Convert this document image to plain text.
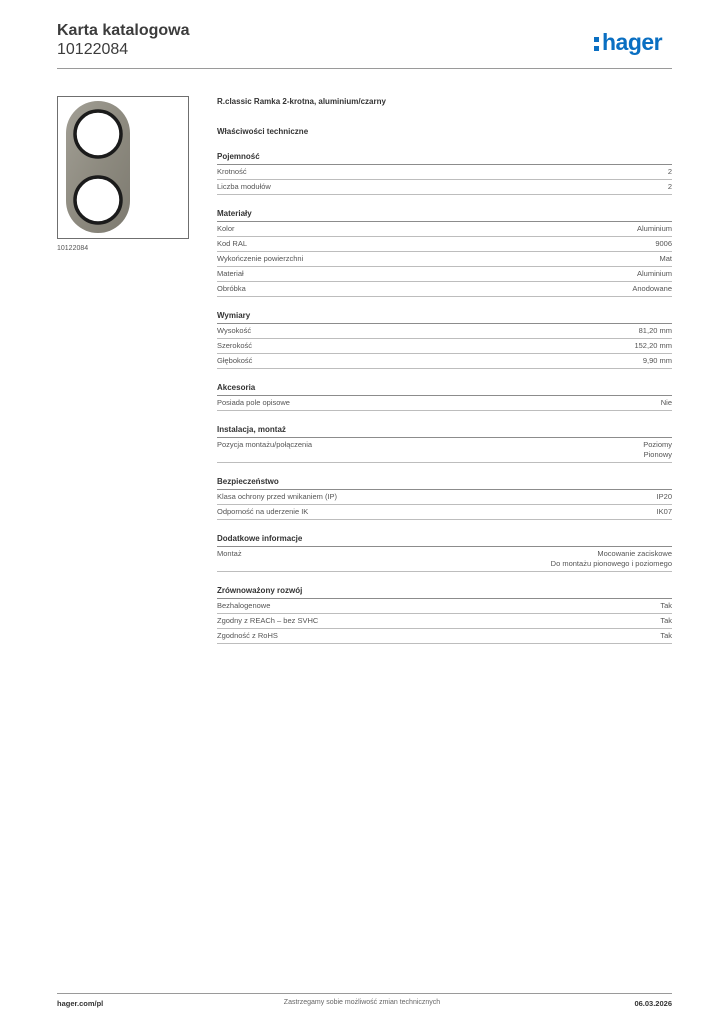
Karta katalogowa
10122084	hager
10122084
R.classic Ramka 2-krotna, aluminium/czarny
Właściwości techniczne
Pojemność
Krotność	2
Liczba modułów	2
Materiały
Kolor	Aluminium
Kod RAL	9006
Wykończenie powierzchni	Mat
Materiał	Aluminium
Obróbka	Anodowane
Wymiary
Wysokość	81,20 mm
Szerokość	152,20 mm
Głębokość	9,90 mm
Akcesoria
Posiada pole opisowe	Nie
Instalacja, montaż
Pozycja montażu/połączenia	Poziomy
Pionowy
Bezpieczeństwo
Klasa ochrony przed wnikaniem (IP)	IP20
Odporność na uderzenie IK	IK07
Dodatkowe informacje
Montaż	Mocowanie zaciskowe
Do montażu pionowego i poziomego
Zrównoważony rozwój
Bezhalogenowe	Tak
Zgodny z REACh – bez SVHC	Tak
Zgodność z RoHS	Tak
hager.com/pl	Zastrzegamy sobie możliwość zmian technicznych	06.03.2026
